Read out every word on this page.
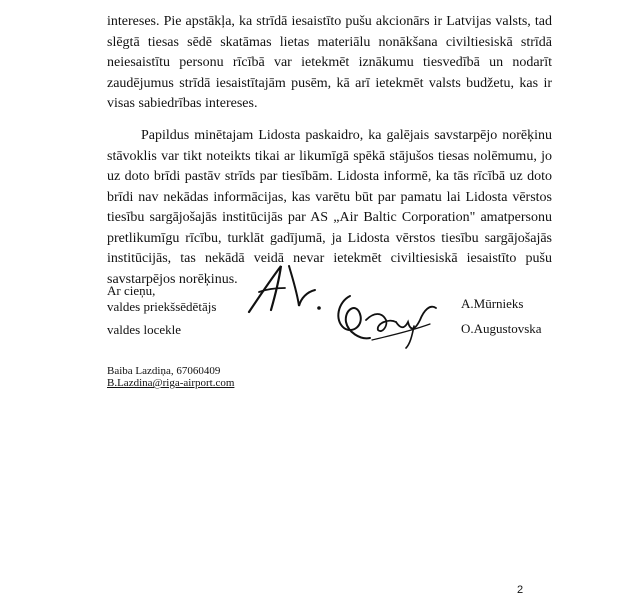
intereses. Pie apstākļa, ka strīdā iesaistīto pušu akcionārs ir Latvijas valsts, tad slēgtā tiesas sēdē skatāmas lietas materiālu nonākšana civiltiesiskā strīdā neiesaistītu personu rīcībā var ietekmēt iznākumu tiesvedībā un nodarīt zaudējumus strīdā iesaistītajām pusēm, kā arī ietekmēt valsts budžetu, kas ir visas sabiedrības intereses.
Papildus minētajam Lidosta paskaidro, ka galējais savstarpējo norēķinu stāvoklis var tikt noteikts tikai ar likumīgā spēkā stājušos tiesas nolēmumu, jo uz doto brīdi pastāv strīds par tiesībām. Lidosta informē, ka tās rīcībā uz doto brīdi nav nekādas informācijas, kas varētu būt par pamatu lai Lidosta vērstos tiesību sargājošajās institūcijās par AS „Air Baltic Corporation" amatpersonu pretlikumīgu rīcību, turklāt gadījumā, ja Lidosta vērstos tiesību sargājošajās institūcijās, tas nekādā veidā nevar ietekmēt civiltiesiskā iesaistīto pušu savstarpējos norēķinus.
Ar cieņu,
valdes priekšsēdētājs	A.Mūrnieks
valdes locekle	O.Augustovska
Baiba Lazdiņa, 67060409
B.Lazdina@riga-airport.com
2
